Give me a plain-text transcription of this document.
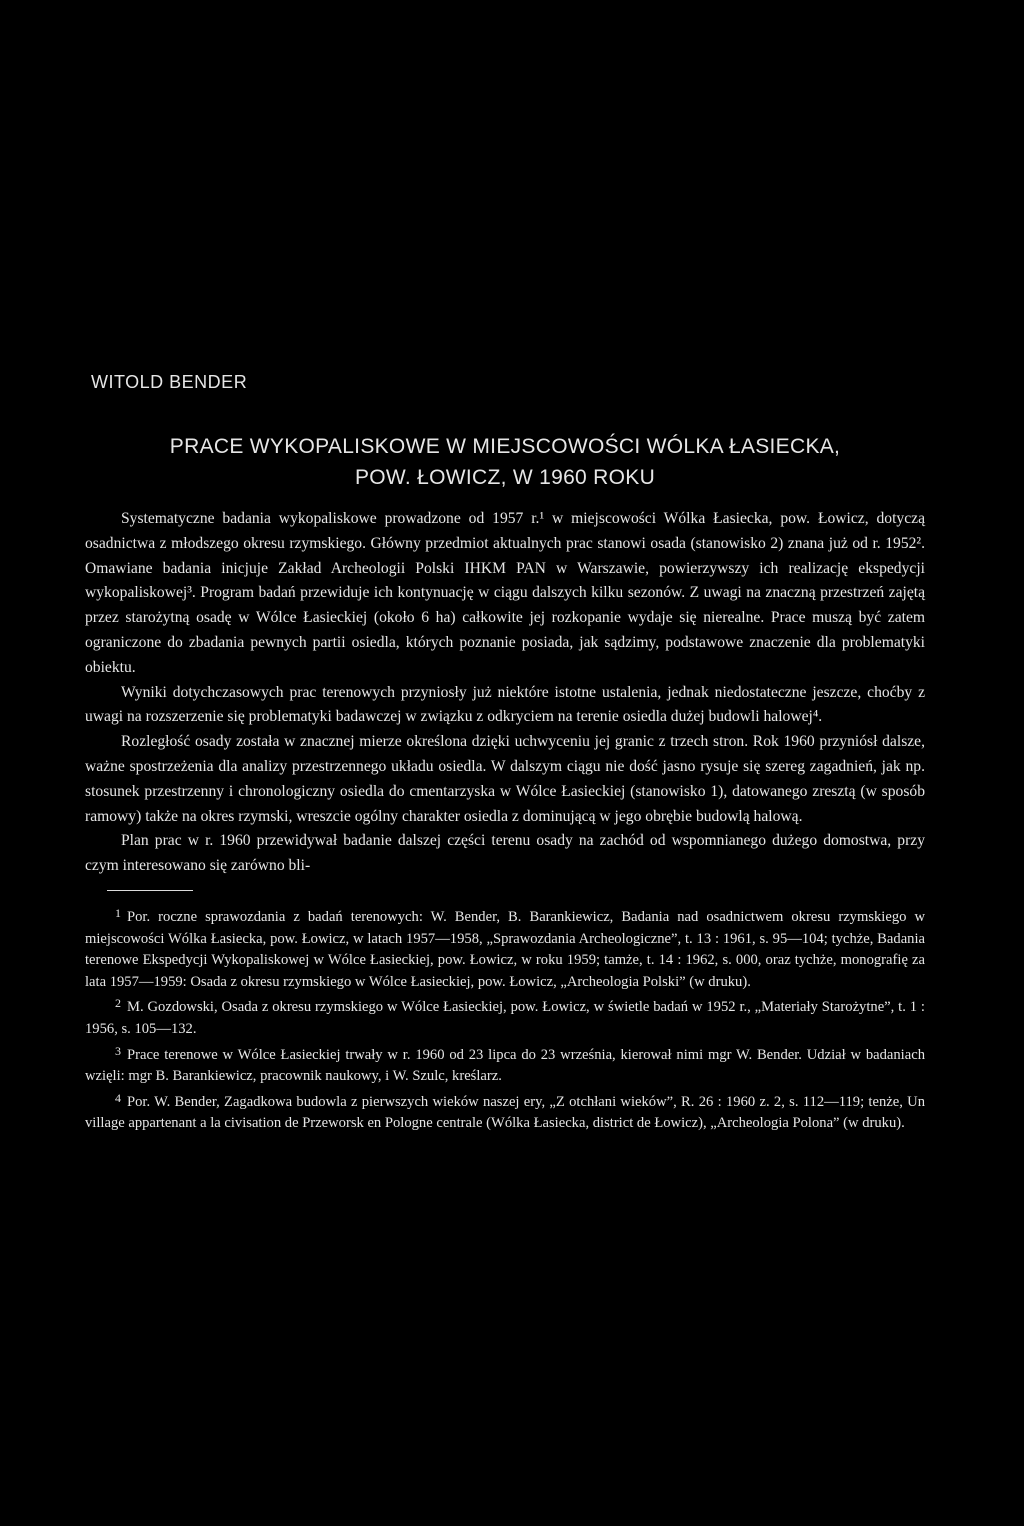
WITOLD BENDER
PRACE WYKOPALISKOWE W MIEJSCOWOŚCI WÓLKA ŁASIECKA,
POW. ŁOWICZ, W 1960 ROKU

Systematyczne badania wykopaliskowe prowadzone od 1957 r.¹ w miejscowości Wólka Łasiecka, pow. Łowicz, dotyczą osadnictwa z młodszego okresu rzymskiego. Główny przedmiot aktualnych prac stanowi osada (stanowisko 2) znana już od r. 1952². Omawiane badania inicjuje Zakład Archeologii Polski IHKM PAN w Warszawie, powierzywszy ich realizację ekspedycji wykopaliskowej³. Program badań przewiduje ich kontynuację w ciągu dalszych kilku sezonów. Z uwagi na znaczną przestrzeń zajętą przez starożytną osadę w Wólce Łasieckiej (około 6 ha) całkowite jej rozkopanie wydaje się nierealne. Prace muszą być zatem ograniczone do zbadania pewnych partii osiedla, których poznanie posiada, jak sądzimy, podstawowe znaczenie dla problematyki obiektu.

Wyniki dotychczasowych prac terenowych przyniosły już niektóre istotne ustalenia, jednak niedostateczne jeszcze, choćby z uwagi na rozszerzenie się problematyki badawczej w związku z odkryciem na terenie osiedla dużej budowli halowej⁴.

Rozległość osady została w znacznej mierze określona dzięki uchwyceniu jej granic z trzech stron. Rok 1960 przyniósł dalsze, ważne spostrzeżenia dla analizy przestrzennego układu osiedla. W dalszym ciągu nie dość jasno rysuje się szereg zagadnień, jak np. stosunek przestrzenny i chronologiczny osiedla do cmentarzyska w Wólce Łasieckiej (stanowisko 1), datowanego zresztą (w sposób ramowy) także na okres rzymski, wreszcie ogólny charakter osiedla z dominującą w jego obrębie budowlą halową.

Plan prac w r. 1960 przewidywał badanie dalszej części terenu osady na zachód od wspomnianego dużego domostwa, przy czym interesowano się zarówno bli-

$^1$ Por. roczne sprawozdania z badań terenowych: W. Bender, B. Barankiewicz, Badania nad osadnictwem okresu rzymskiego w miejscowości Wólka Łasiecka, pow. Łowicz, w latach 1957—1958, „Sprawozdania Archeologiczne”, t. 13 : 1961, s. 95—104; tychże, Badania terenowe Ekspedycji Wykopaliskowej w Wólce Łasieckiej, pow. Łowicz, w roku 1959; tamże, t. 14 : 1962, s. 000, oraz tychże, monografię za lata 1957—1959: Osada z okresu rzymskiego w Wólce Łasieckiej, pow. Łowicz, „Archeologia Polski” (w druku).

$^2$ M. Gozdowski, Osada z okresu rzymskiego w Wólce Łasieckiej, pow. Łowicz, w świetle badań w 1952 r., „Materiały Starożytne”, t. 1 : 1956, s. 105—132.

$^3$ Prace terenowe w Wólce Łasieckiej trwały w r. 1960 od 23 lipca do 23 września, kierował nimi mgr W. Bender. Udział w badaniach wzięli: mgr B. Barankiewicz, pracownik naukowy, i W. Szulc, kreślarz.

$^4$ Por. W. Bender, Zagadkowa budowla z pierwszych wieków naszej ery, „Z otchłani wieków”, R. 26 : 1960 z. 2, s. 112—119; tenże, Un village appartenant a la civisation de Przeworsk en Pologne centrale (Wólka Łasiecka, district de Łowicz), „Archeologia Polona” (w druku).
